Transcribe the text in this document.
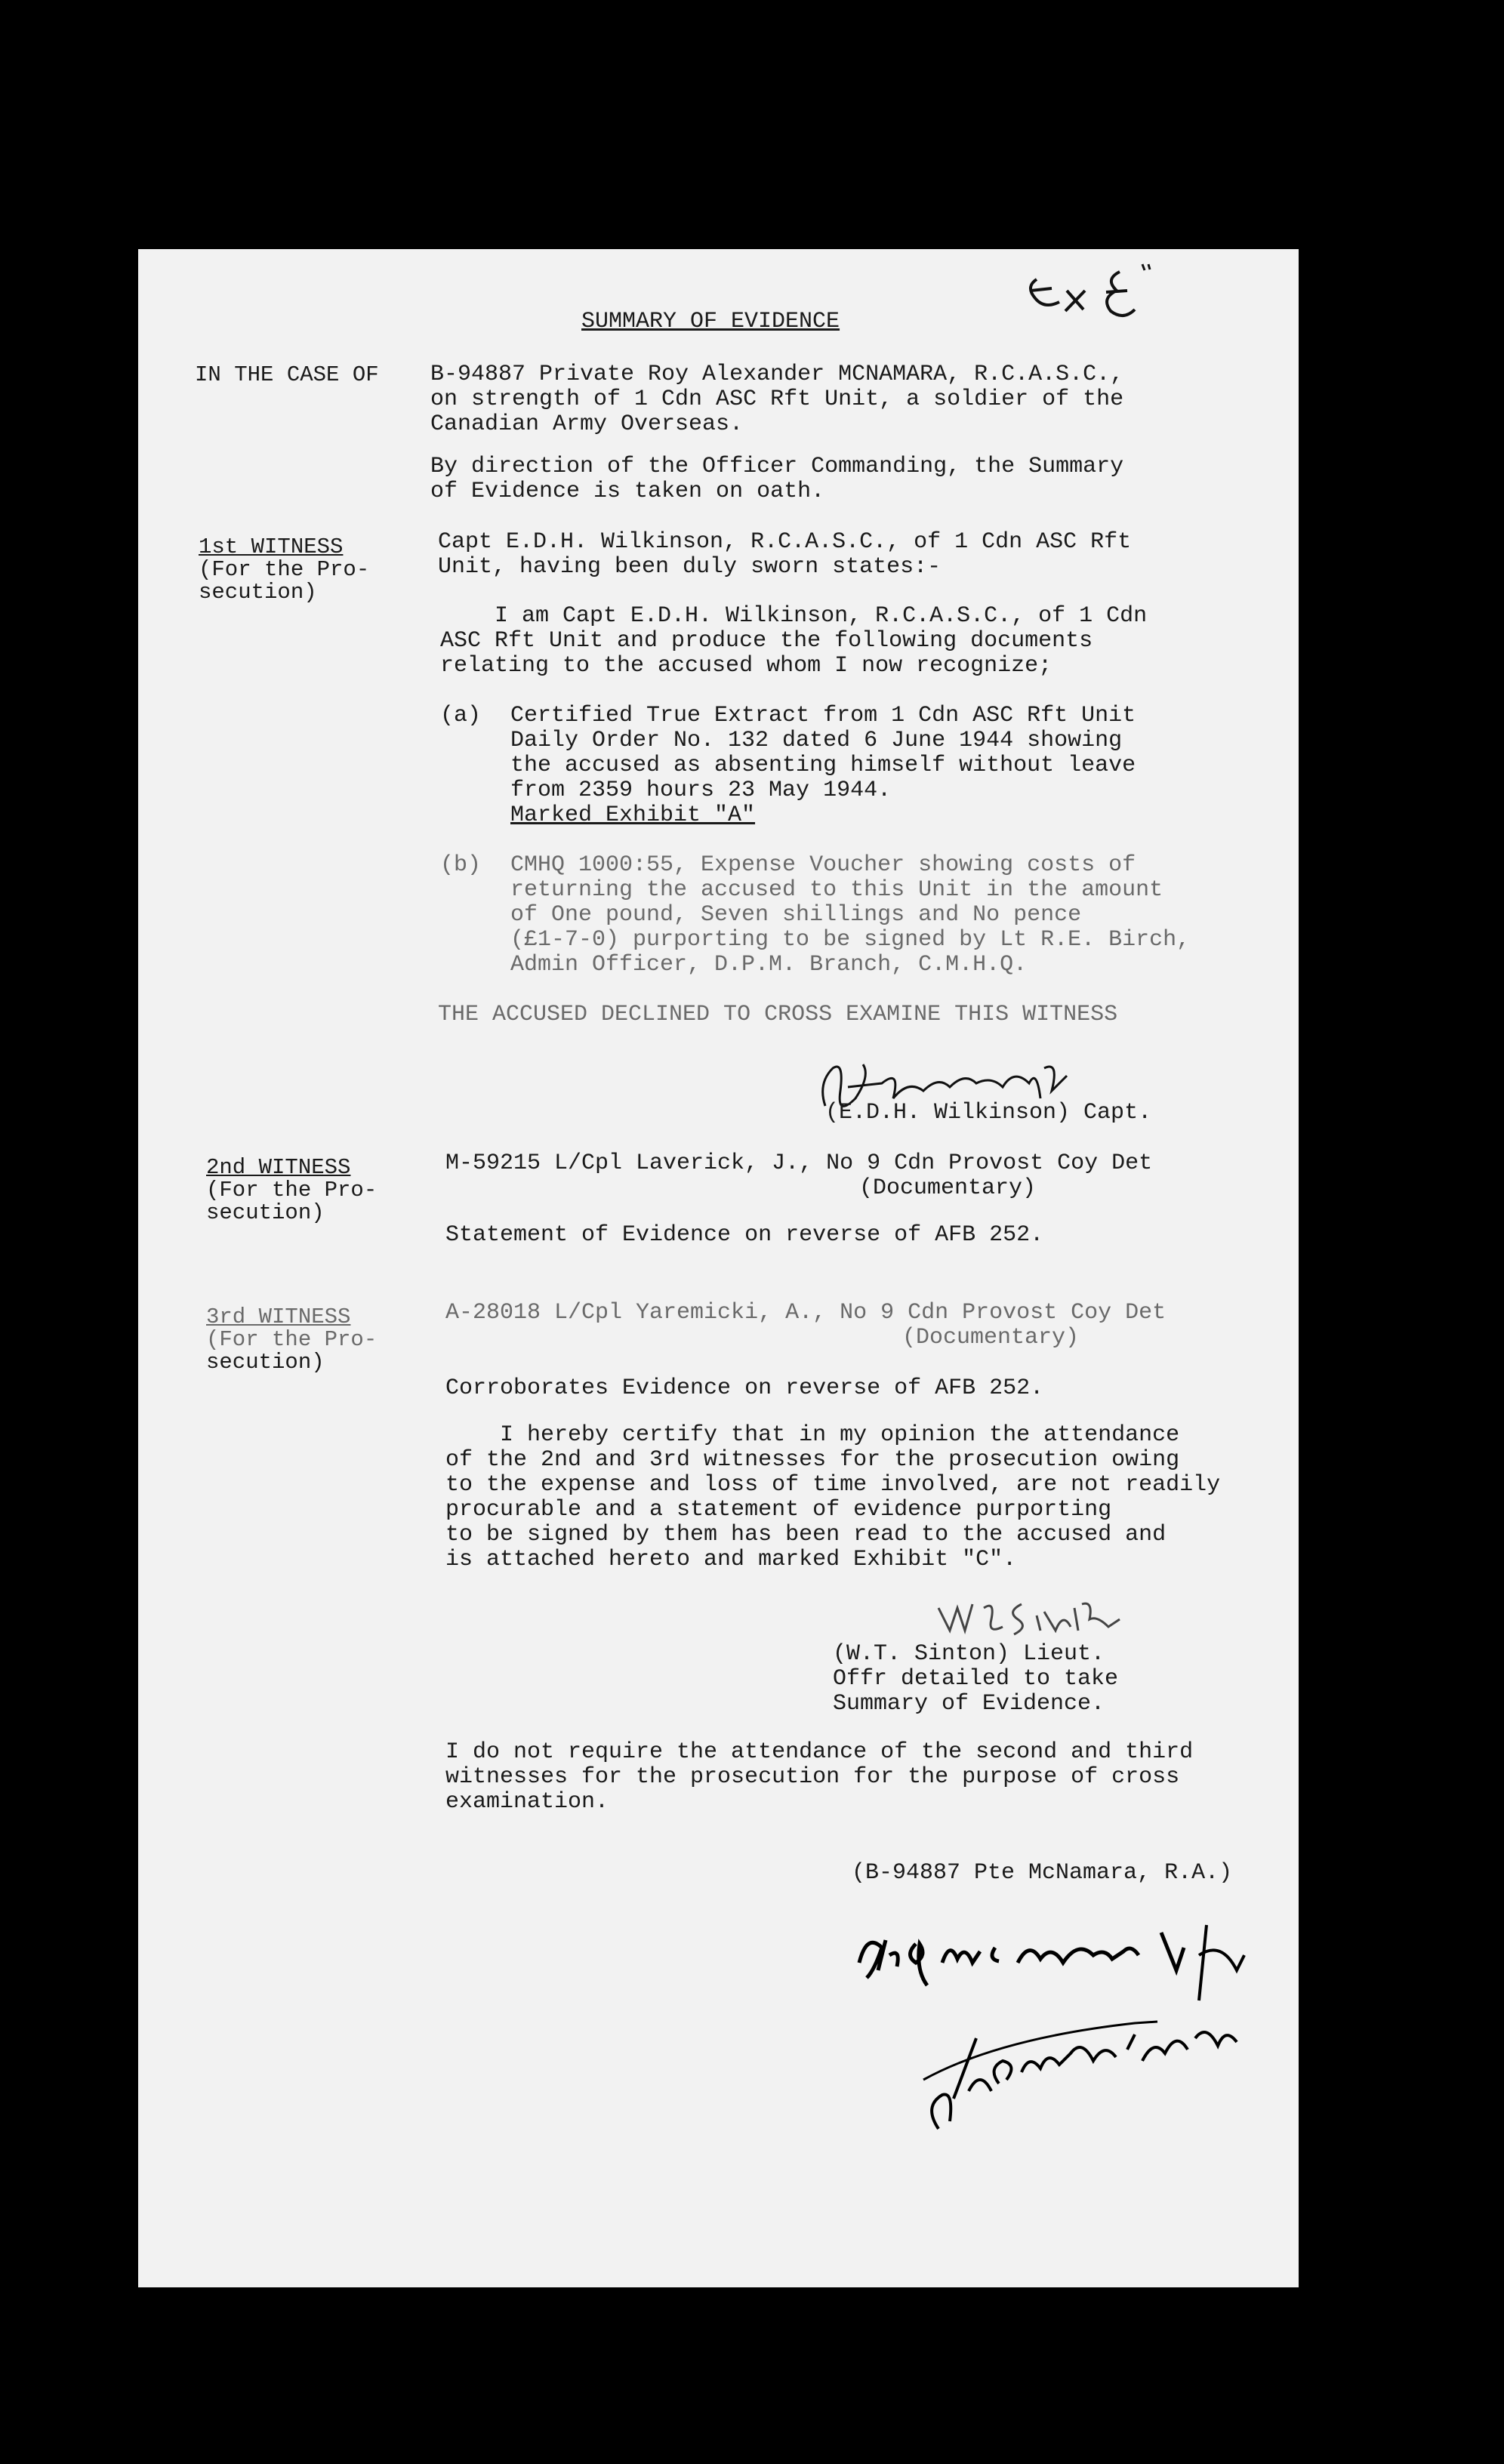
SUMMARY OF EVIDENCE
IN THE CASE OF B-94887 Private Roy Alexander MCNAMARA, R.C.A.S.C.,
on strength of 1 Cdn ASC Rft Unit, a soldier of the
Canadian Army Overseas.
By direction of the Officer Commanding, the Summary
of Evidence is taken on oath.
1st WITNESS
(For the Pro-
secution)
Capt E.D.H. Wilkinson, R.C.A.S.C., of 1 Cdn ASC Rft
Unit, having been duly sworn states:-
I am Capt E.D.H. Wilkinson, R.C.A.S.C., of 1 Cdn
ASC Rft Unit and produce the following documents
relating to the accused whom I now recognize;
(a) Certified True Extract from 1 Cdn ASC Rft Unit
Daily Order No. 132 dated 6 June 1944 showing
the accused as absenting himself without leave
from 2359 hours 23 May 1944.
Marked Exhibit "A"
(b) CMHQ 1000:55, Expense Voucher showing costs of
returning the accused to this Unit in the amount
of One pound, Seven shillings and No pence
(£1-7-0) purporting to be signed by Lt R.E. Birch,
Admin Officer, D.P.M. Branch, C.M.H.Q.
THE ACCUSED DECLINED TO CROSS EXAMINE THIS WITNESS
(E.D.H. Wilkinson) Capt.
2nd WITNESS
(For the Pro-
secution)
M-59215 L/Cpl Laverick, J., No 9 Cdn Provost Coy Det
(Documentary)
Statement of Evidence on reverse of AFB 252.
3rd WITNESS
(For the Pro-
secution)
A-28018 L/Cpl Yaremicki, A., No 9 Cdn Provost Coy Det
(Documentary)
Corroborates Evidence on reverse of AFB 252.
I hereby certify that in my opinion the attendance
of the 2nd and 3rd witnesses for the prosecution owing
to the expense and loss of time involved, are not readily
procurable and a statement of evidence purporting
to be signed by them has been read to the accused and
is attached hereto and marked Exhibit "C".
(W.T. Sinton) Lieut.
Offr detailed to take
Summary of Evidence.
I do not require the attendance of the second and third
witnesses for the prosecution for the purpose of cross
examination.
(B-94887 Pte McNamara, R.A.)
